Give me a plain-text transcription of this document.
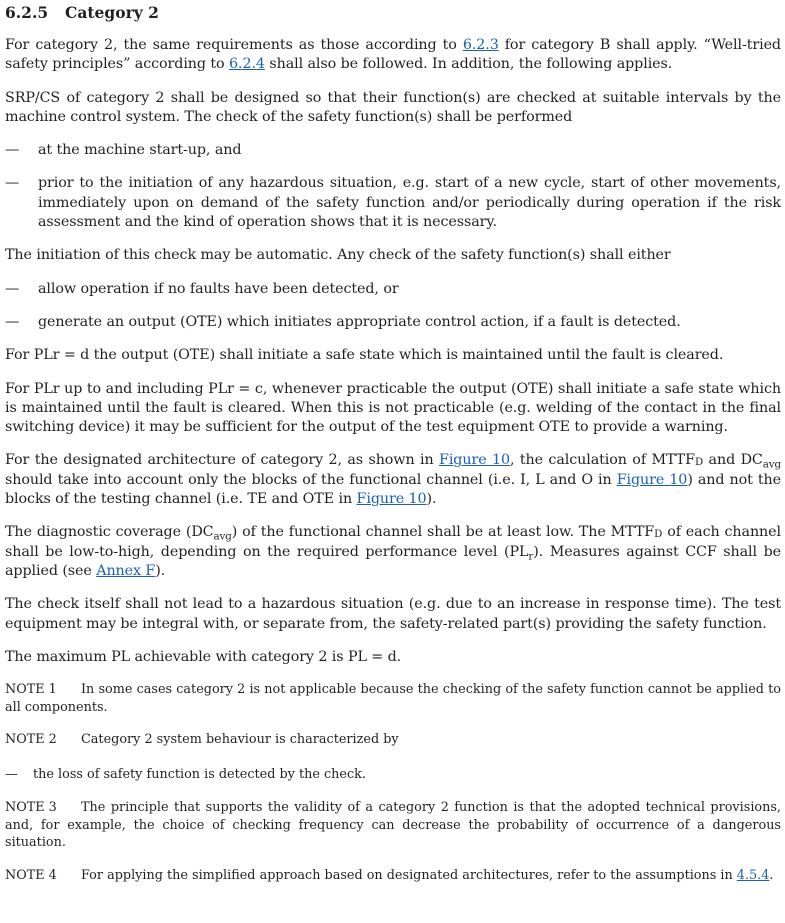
6.2.5 Category 2

For category 2, the same requirements as those according to 6.2.3 for category B shall apply. “Well-tried safety principles” according to 6.2.4 shall also be followed. In addition, the following applies.

SRP/CS of category 2 shall be designed so that their function(s) are checked at suitable intervals by the machine control system. The check of the safety function(s) shall be performed

—	at the machine start-up, and
—	prior to the initiation of any hazardous situation, e.g. start of a new cycle, start of other movements, immediately upon on demand of the safety function and/or periodically during operation if the risk assessment and the kind of operation shows that it is necessary.

The initiation of this check may be automatic. Any check of the safety function(s) shall either

—	allow operation if no faults have been detected, or
—	generate an output (OTE) which initiates appropriate control action, if a fault is detected.

For PLr = d the output (OTE) shall initiate a safe state which is maintained until the fault is cleared.

For PLr up to and including PLr = c, whenever practicable the output (OTE) shall initiate a safe state which is maintained until the fault is cleared. When this is not practicable (e.g. welding of the contact in the final switching device) it may be sufficient for the output of the test equipment OTE to provide a warning.

For the designated architecture of category 2, as shown in Figure 10, the calculation of MTTFD and $DC_{avg}$ should take into account only the blocks of the functional channel (i.e. I, L and O in Figure 10) and not the blocks of the testing channel (i.e. TE and OTE in Figure 10).

The diagnostic coverage $(DC_{avg})$ of the functional channel shall be at least low. The MTTFD of each channel shall be low-to-high, depending on the required performance level $(PL_r)$. Measures against CCF shall be applied (see Annex F).

The check itself shall not lead to a hazardous situation (e.g. due to an increase in response time). The test equipment may be integral with, or separate from, the safety-related part(s) providing the safety function.

The maximum PL achievable with category 2 is PL = d.

NOTE 1 In some cases category 2 is not applicable because the checking of the safety function cannot be applied to all components.
NOTE 2 Category 2 system behaviour is characterized by
—	the loss of safety function is detected by the check.
NOTE 3 The principle that supports the validity of a category 2 function is that the adopted technical provisions, and, for example, the choice of checking frequency can decrease the probability of occurrence of a dangerous situation.
NOTE 4 For applying the simplified approach based on designated architectures, refer to the assumptions in 4.5.4.
